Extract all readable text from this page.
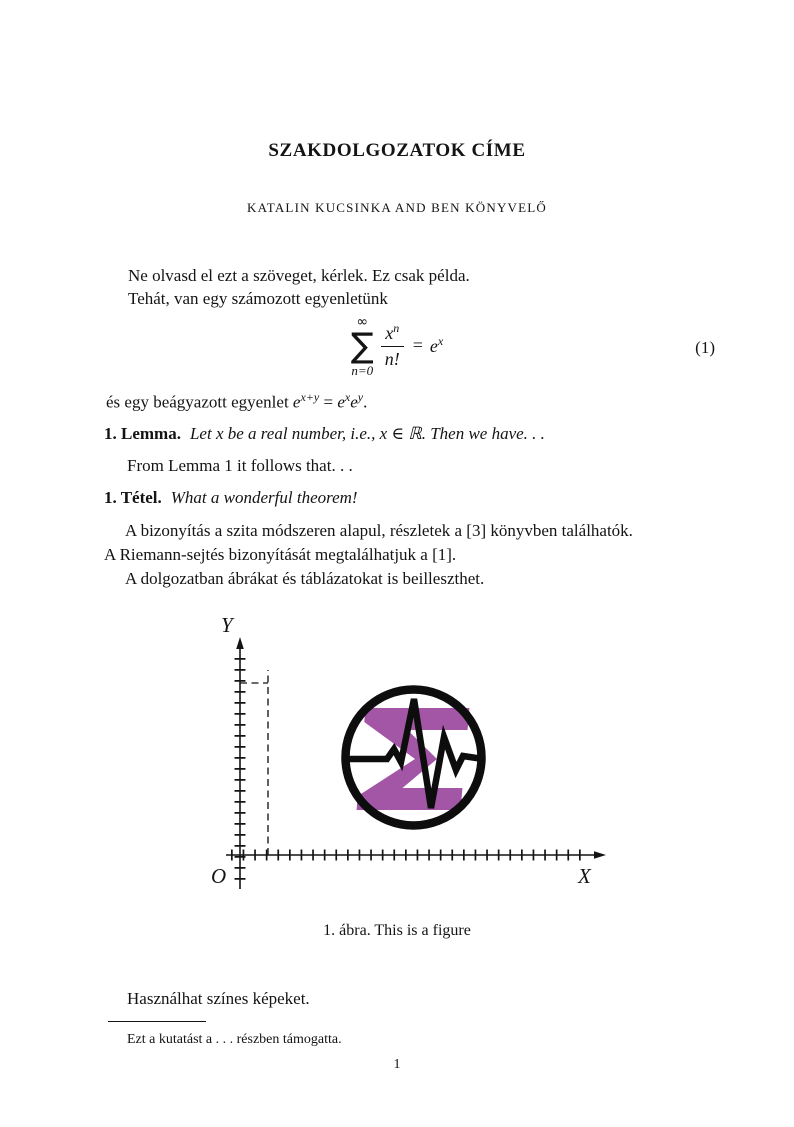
SZAKDOLGOZATOK CÍME
KATALIN KUCSINKA AND BEN KÖNYVELŐ
Ne olvasd el ezt a szöveget, kérlek. Ez csak példa.
Tehát, van egy számozott egyenletünk
∞
∑
n=0
$\frac{x^n}{n!} = e^x$	(1)
és egy beágyazott egyenlet $e^{x+y} = e^xe^y$.
1. Lemma. Let x be a real number, i.e., x ∈ ℝ. Then we have. . .
From Lemma 1 it follows that. . .
1. Tétel. What a wonderful theorem!
A bizonyítás a szita módszeren alapul, részletek a [3] könyvben találhatók.
A Riemann-sejtés bizonyítását megtalálhatjuk a [1].
A dolgozatban ábrákat és táblázatokat is beilleszthet.
Y
X
O
1. ábra. This is a figure
Használhat színes képeket.
Ezt a kutatást a . . . részben támogatta.
1
